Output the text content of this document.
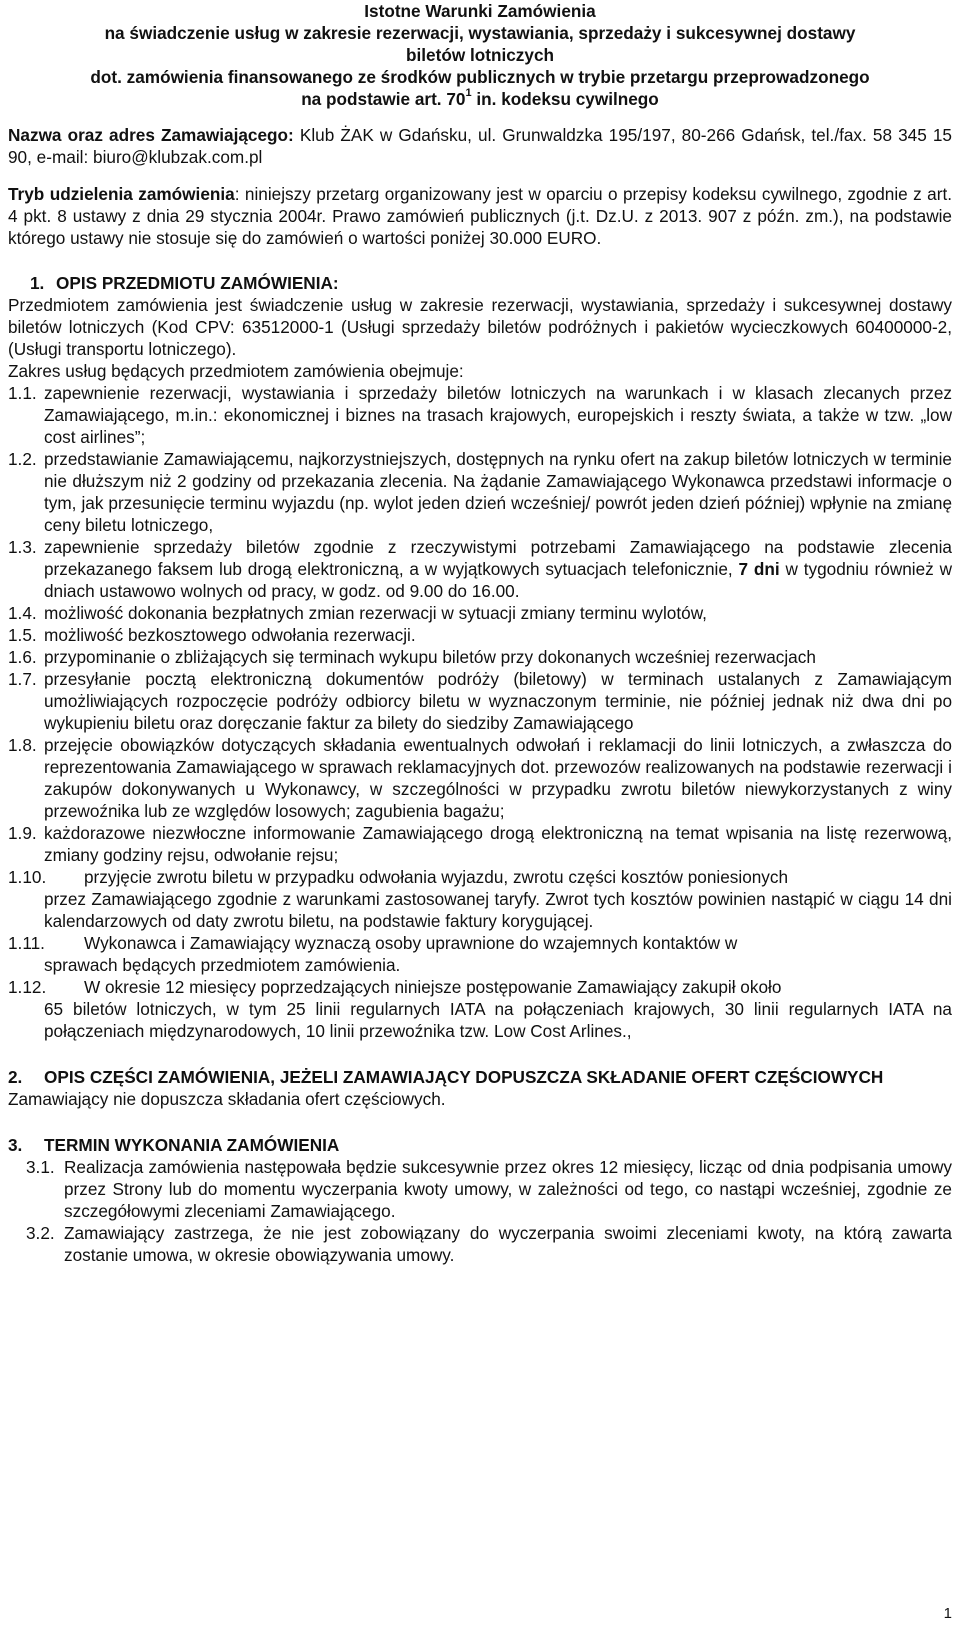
Istotne Warunki Zamówienia
na świadczenie usług w zakresie rezerwacji, wystawiania, sprzedaży i sukcesywnej dostawy
biletów lotniczych
dot. zamówienia finansowanego ze środków publicznych w trybie przetargu przeprowadzonego
na podstawie art. $70^1$ in. kodeksu cywilnego

Nazwa oraz adres Zamawiającego: Klub ŻAK w Gdańsku, ul. Grunwaldzka 195/197, 80-266 Gdańsk, tel./fax. 58 345 15 90, e-mail: biuro@klubzak.com.pl

Tryb udzielenia zamówienia: niniejszy przetarg organizowany jest w oparciu o przepisy kodeksu cywilnego, zgodnie z art. 4 pkt. 8 ustawy z dnia 29 stycznia 2004r. Prawo zamówień publicznych (j.t. Dz.U. z 2013. 907 z późn. zm.), na podstawie którego ustawy nie stosuje się do zamówień o wartości poniżej 30.000 EURO.

1. OPIS PRZEDMIOTU ZAMÓWIENIA:

Przedmiotem zamówienia jest świadczenie usług w zakresie rezerwacji, wystawiania, sprzedaży i sukcesywnej dostawy biletów lotniczych (Kod CPV: 63512000-1 (Usługi sprzedaży biletów podróżnych i pakietów wycieczkowych 60400000-2, (Usługi transportu lotniczego).

Zakres usług będących przedmiotem zamówienia obejmuje:

1.1. zapewnienie rezerwacji, wystawiania i sprzedaży biletów lotniczych na warunkach i w klasach zlecanych przez Zamawiającego, m.in.: ekonomicznej i biznes na trasach krajowych, europejskich i reszty świata, a także w tzw. „low cost airlines”;
1.2. przedstawianie Zamawiającemu, najkorzystniejszych, dostępnych na rynku ofert na zakup biletów lotniczych w terminie nie dłuższym niż 2 godziny od przekazania zlecenia. Na żądanie Zamawiającego Wykonawca przedstawi informacje o tym, jak przesunięcie terminu wyjazdu (np. wylot jeden dzień wcześniej/ powrót jeden dzień później) wpłynie na zmianę ceny biletu lotniczego,
1.3. zapewnienie sprzedaży biletów zgodnie z rzeczywistymi potrzebami Zamawiającego na podstawie zlecenia przekazanego faksem lub drogą elektroniczną, a w wyjątkowych sytuacjach telefonicznie, 7 dni w tygodniu również w dniach ustawowo wolnych od pracy, w godz. od 9.00 do 16.00.
1.4. możliwość dokonania bezpłatnych zmian rezerwacji w sytuacji zmiany terminu wylotów,
1.5. możliwość bezkosztowego odwołania rezerwacji.
1.6. przypominanie o zbliżających się terminach wykupu biletów przy dokonanych wcześniej rezerwacjach
1.7. przesyłanie pocztą elektroniczną dokumentów podróży (biletowy) w terminach ustalanych z Zamawiającym umożliwiających rozpoczęcie podróży odbiorcy biletu w wyznaczonym terminie, nie później jednak niż dwa dni po wykupieniu biletu oraz doręczanie faktur za bilety do siedziby Zamawiającego
1.8. przejęcie obowiązków dotyczących składania ewentualnych odwołań i reklamacji do linii lotniczych, a zwłaszcza do reprezentowania Zamawiającego w sprawach reklamacyjnych dot. przewozów realizowanych na podstawie rezerwacji i zakupów dokonywanych u Wykonawcy, w szczególności w przypadku zwrotu biletów niewykorzystanych z winy przewoźnika lub ze względów losowych; zagubienia bagażu;
1.9. każdorazowe niezwłoczne informowanie Zamawiającego drogą elektroniczną na temat wpisania na listę rezerwową, zmiany godziny rejsu, odwołanie rejsu;
1.10. przyjęcie zwrotu biletu w przypadku odwołania wyjazdu, zwrotu części kosztów poniesionych
przez Zamawiającego zgodnie z warunkami zastosowanej taryfy. Zwrot tych kosztów powinien nastąpić w ciągu 14 dni kalendarzowych od daty zwrotu biletu, na podstawie faktury korygującej.
1.11. Wykonawca i Zamawiający wyznaczą osoby uprawnione do wzajemnych kontaktów w
sprawach będących przedmiotem zamówienia.
1.12. W okresie 12 miesięcy poprzedzających niniejsze postępowanie Zamawiający zakupił około
65 biletów lotniczych, w tym 25 linii regularnych IATA na połączeniach krajowych, 30 linii regularnych IATA na połączeniach międzynarodowych, 10 linii przewoźnika tzw. Low Cost Arlines.,
2.	OPIS CZĘŚCI ZAMÓWIENIA, JEŻELI ZAMAWIAJĄCY DOPUSZCZA SKŁADANIE OFERT CZĘŚCIOWYCH

Zamawiający nie dopuszcza składania ofert częściowych.

3.	TERMIN WYKONANIA ZAMÓWIENIA
3.1. Realizacja zamówienia następowała będzie sukcesywnie przez okres 12 miesięcy, licząc od dnia podpisania umowy przez Strony lub do momentu wyczerpania kwoty umowy, w zależności od tego, co nastąpi wcześniej, zgodnie ze szczegółowymi zleceniami Zamawiającego.
3.2. Zamawiający zastrzega, że nie jest zobowiązany do wyczerpania swoimi zleceniami kwoty, na którą zawarta zostanie umowa, w okresie obowiązywania umowy.
1
